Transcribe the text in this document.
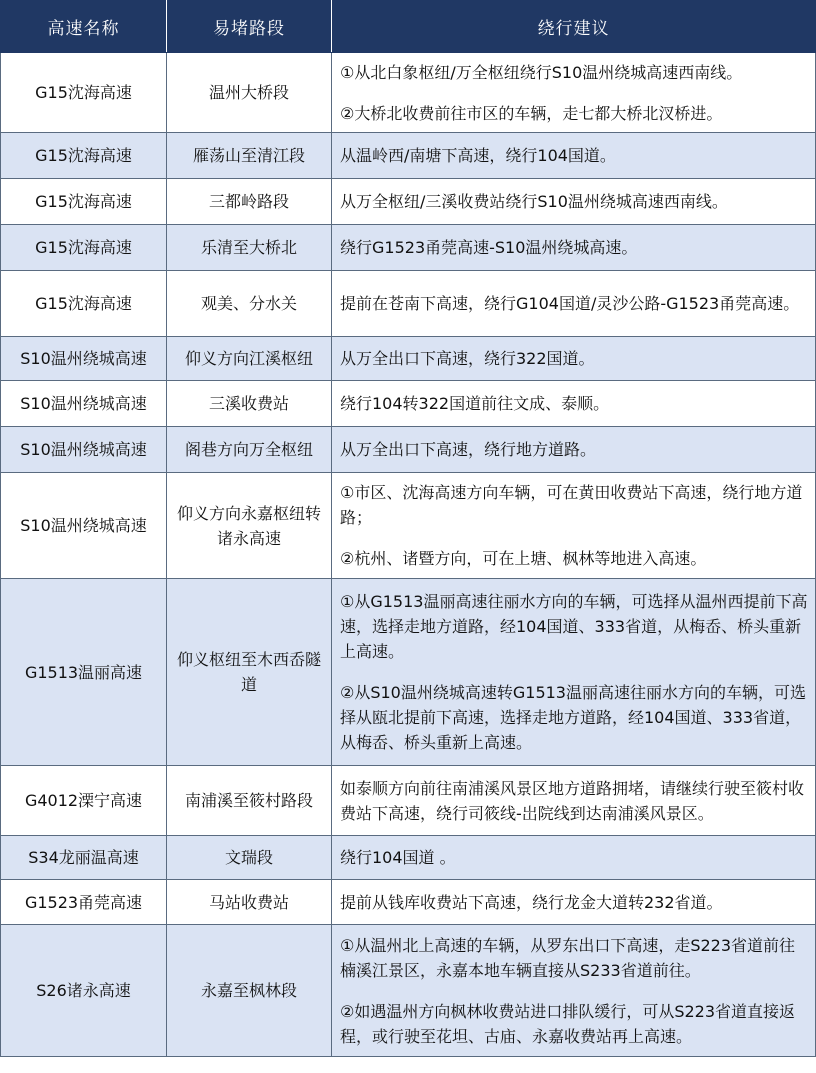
高速名称	易堵路段	绕行建议
G15沈海高速	温州大桥段	①从北白象枢纽/万全枢纽绕行S10温州绕城高速西南线。
②大桥北收费前往市区的车辆，走七都大桥北汊桥进。

G15沈海高速	雁荡山至清江段	从温岭西/南塘下高速，绕行104国道。

G15沈海高速	三都岭路段	从万全枢纽/三溪收费站绕行S10温州绕城高速西南线。

G15沈海高速	乐清至大桥北	绕行G1523甬莞高速-S10温州绕城高速。

G15沈海高速	观美、分水关	提前在苍南下高速，绕行G104国道/灵沙公路-G1523甬莞高速。

S10温州绕城高速	仰义方向江溪枢纽	从万全出口下高速，绕行322国道。

S10温州绕城高速	三溪收费站	绕行104转322国道前往文成、泰顺。

S10温州绕城高速	阁巷方向万全枢纽	从万全出口下高速，绕行地方道路。

S10温州绕城高速	仰义方向永嘉枢纽转诸永高速	①市区、沈海高速方向车辆，可在黄田收费站下高速，绕行地方道路；
②杭州、诸暨方向，可在上塘、枫林等地进入高速。

G1513温丽高速	仰义枢纽至木西岙隧道	①从G1513温丽高速往丽水方向的车辆，可选择从温州西提前下高速，选择走地方道路，经104国道、333省道，从梅岙、桥头重新上高速。
②从S10温州绕城高速转G1513温丽高速往丽水方向的车辆，可选择从瓯北提前下高速，选择走地方道路，经104国道、333省道，从梅岙、桥头重新上高速。

G4012溧宁高速	南浦溪至筱村路段	如泰顺方向前往南浦溪风景区地方道路拥堵，请继续行驶至筱村收费站下高速，绕行司筱线-岀院线到达南浦溪风景区。

S34龙丽温高速	文瑞段	绕行104国道 。

G1523甬莞高速	马站收费站	提前从钱库收费站下高速，绕行龙金大道转232省道。

S26诸永高速	永嘉至枫林段	①从温州北上高速的车辆，从罗东出口下高速，走S223省道前往楠溪江景区，永嘉本地车辆直接从S233省道前往。
②如遇温州方向枫林收费站进口排队缓行，可从S223省道直接返程，或行驶至花坦、古庙、永嘉收费站再上高速。
